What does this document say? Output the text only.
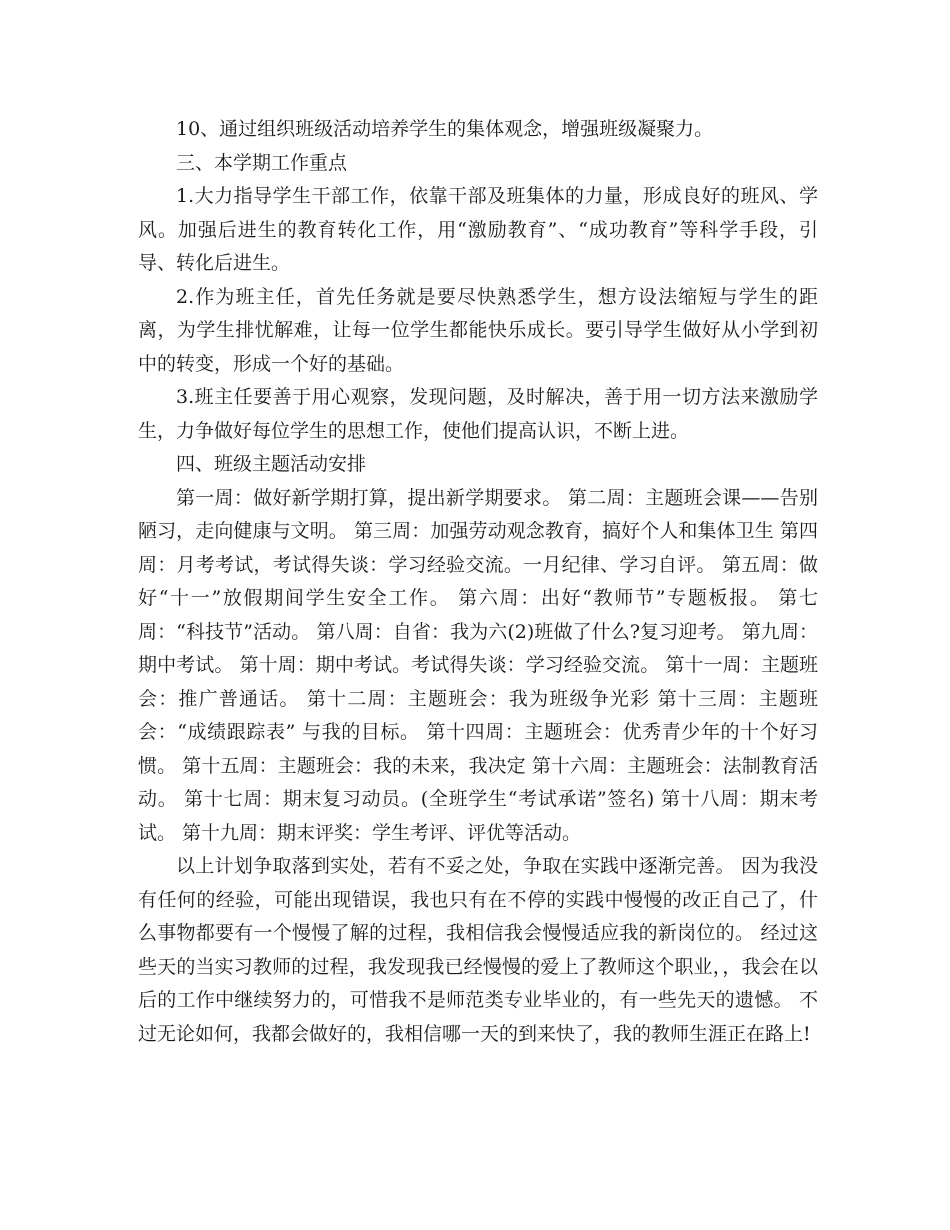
10、通过组织班级活动培养学生的集体观念，增强班级凝聚力。

三、本学期工作重点

1.大力指导学生干部工作，依靠干部及班集体的力量，形成良好的班风、学风。加强后进生的教育转化工作，用“激励教育”、“成功教育”等科学手段，引导、转化后进生。

2.作为班主任，首先任务就是要尽快熟悉学生，想方设法缩短与学生的距离，为学生排忧解难，让每一位学生都能快乐成长。要引导学生做好从小学到初中的转变，形成一个好的基础。

3.班主任要善于用心观察，发现问题，及时解决，善于用一切方法来激励学生，力争做好每位学生的思想工作，使他们提高认识，不断上进。

四、班级主题活动安排

第一周：做好新学期打算，提出新学期要求。 第二周：主题班会课——告别陋习，走向健康与文明。 第三周：加强劳动观念教育，搞好个人和集体卫生 第四周：月考考试，考试得失谈：学习经验交流。一月纪律、学习自评。 第五周：做好“十一”放假期间学生安全工作。 第六周：出好“教师节”专题板报。 第七周：“科技节”活动。 第八周：自省：我为六(2)班做了什么?复习迎考。 第九周：期中考试。 第十周：期中考试。考试得失谈：学习经验交流。 第十一周：主题班会：推广普通话。 第十二周：主题班会：我为班级争光彩 第十三周：主题班会：“成绩跟踪表” 与我的目标。 第十四周：主题班会：优秀青少年的十个好习惯。 第十五周：主题班会：我的未来，我决定 第十六周：主题班会：法制教育活动。 第十七周：期末复习动员。(全班学生“考试承诺”签名) 第十八周：期末考试。 第十九周：期末评奖：学生考评、评优等活动。

以上计划争取落到实处，若有不妥之处，争取在实践中逐渐完善。 因为我没有任何的经验，可能出现错误，我也只有在不停的实践中慢慢的改正自己了，什么事物都要有一个慢慢了解的过程，我相信我会慢慢适应我的新岗位的。 经过这些天的当实习教师的过程，我发现我已经慢慢的爱上了教师这个职业，，我会在以后的工作中继续努力的，可惜我不是师范类专业毕业的，有一些先天的遗憾。 不过无论如何，我都会做好的，我相信哪一天的到来快了，我的教师生涯正在路上!
